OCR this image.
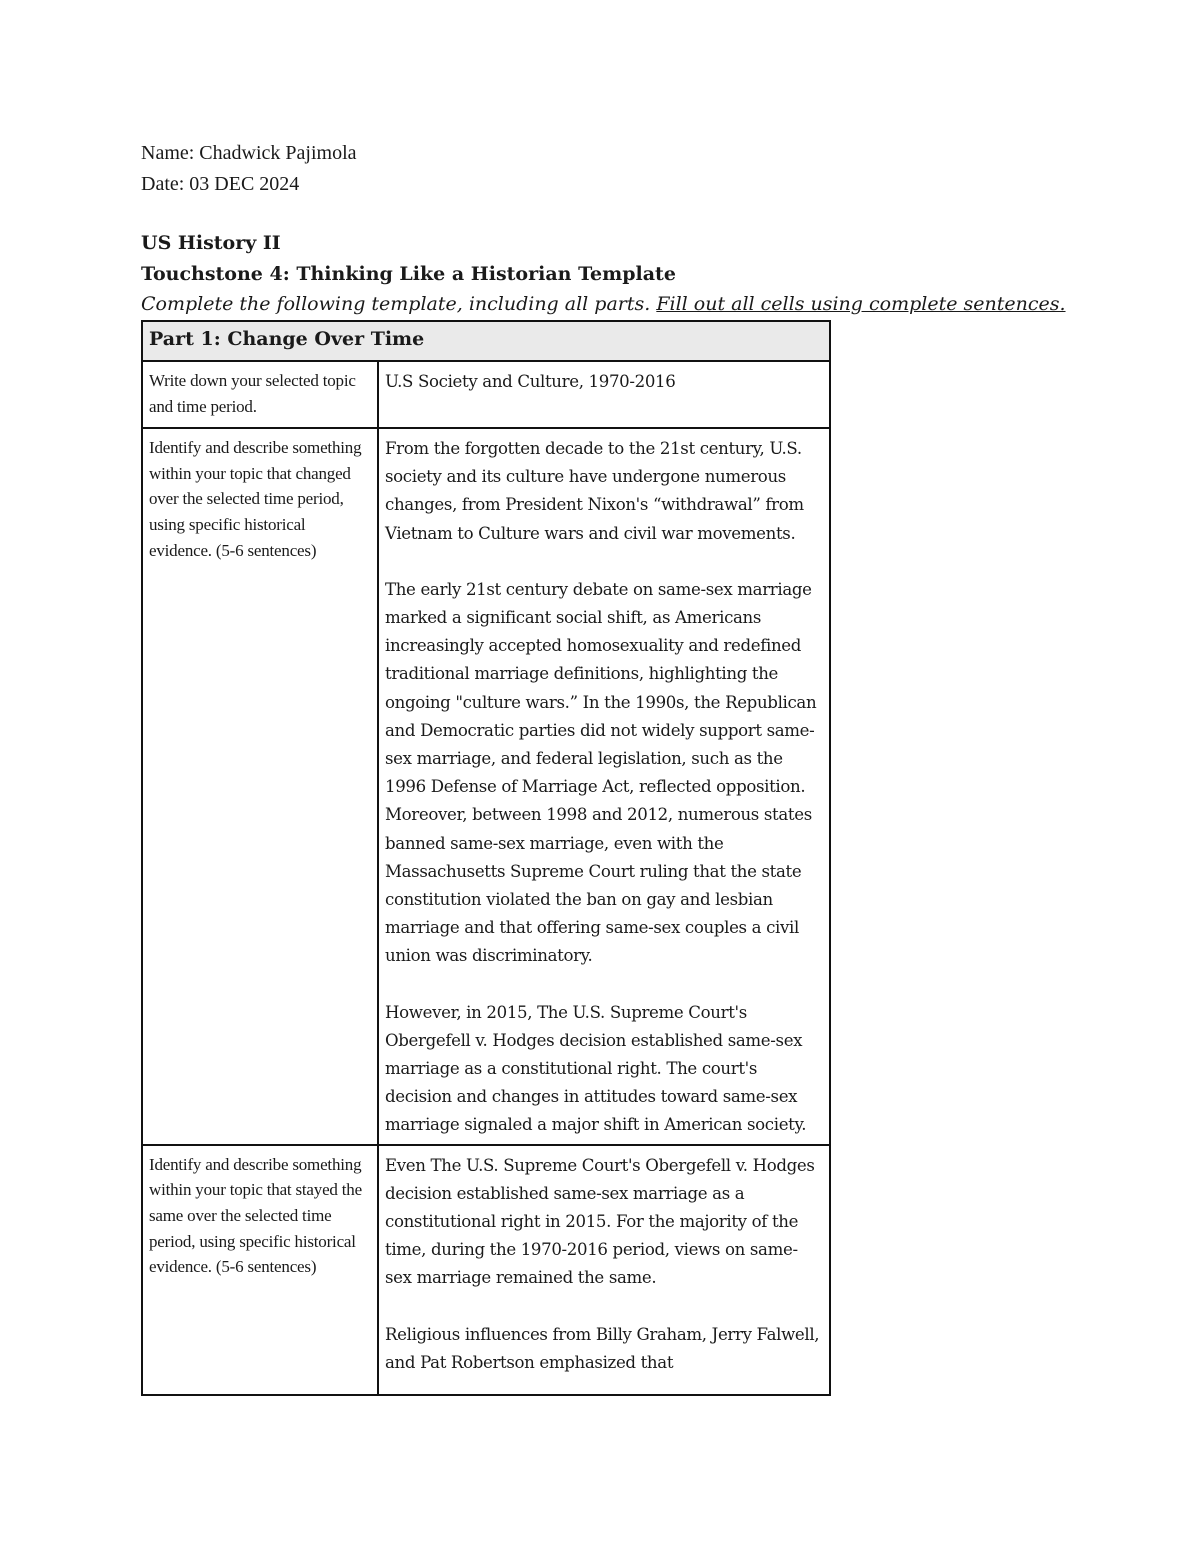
Name: Chadwick Pajimola

Date: 03 DEC 2024

US History II

Touchstone 4: Thinking Like a Historian Template

Complete the following template, including all parts. Fill out all cells using complete sentences.

Part 1: Change Over Time	
Write down your selected topic and time period.	U.S Society and Culture, 1970-2016

Identify and describe something within your topic that changed over the selected time period, using specific historical evidence. (5-6 sentences)	From the forgotten decade to the 21st century, U.S. society and its culture have undergone numerous changes, from President Nixon's “withdrawal” from Vietnam to Culture wars and civil war movements.

The early 21st century debate on same-sex marriage marked a significant social shift, as Americans increasingly accepted homosexuality and redefined traditional marriage definitions, highlighting the ongoing "culture wars.” In the 1990s, the Republican and Democratic parties did not widely support same-sex marriage, and federal legislation, such as the 1996 Defense of Marriage Act, reflected opposition. Moreover, between 1998 and 2012, numerous states banned same-sex marriage, even with the Massachusetts Supreme Court ruling that the state constitution violated the ban on gay and lesbian marriage and that offering same-sex couples a civil union was discriminatory.

However, in 2015, The U.S. Supreme Court's Obergefell v. Hodges decision established same-sex marriage as a constitutional right. The court's decision and changes in attitudes toward same-sex marriage signaled a major shift in American society.

Identify and describe something within your topic that stayed the same over the selected time period, using specific historical evidence. (5-6 sentences)	Even The U.S. Supreme Court's Obergefell v. Hodges decision established same-sex marriage as a constitutional right in 2015. For the majority of the time, during the 1970-2016 period, views on same-sex marriage remained the same.

Religious influences from Billy Graham, Jerry Falwell, and Pat Robertson emphasized that
